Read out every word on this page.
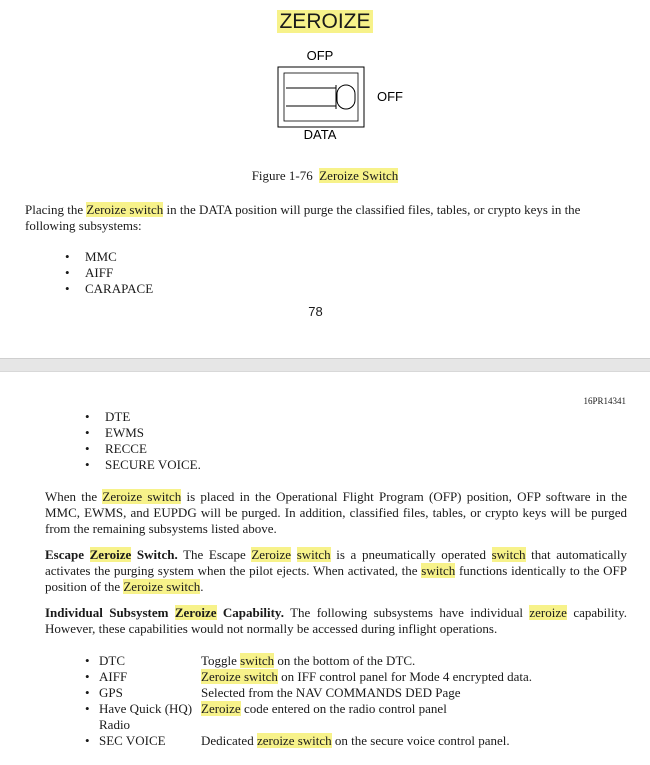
ZEROIZE
OFP
OFF
DATA
Figure 1-76 Zeroize Switch
Placing the Zeroize switch in the DATA position will purge the classified files, tables, or crypto keys in the following subsystems:
• MMC
• AIFF
• CARAPACE
78
16PR14341
• DTE
• EWMS
• RECCE
• SECURE VOICE.
When the Zeroize switch is placed in the Operational Flight Program (OFP) position, OFP software in the MMC, EWMS, and EUPDG will be purged. In addition, classified files, tables, or crypto keys will be purged from the remaining subsystems listed above.
Escape Zeroize Switch. The Escape Zeroize switch is a pneumatically operated switch that automatically activates the purging system when the pilot ejects. When activated, the switch functions identically to the OFP position of the Zeroize switch.
Individual Subsystem Zeroize Capability. The following subsystems have individual zeroize capability. However, these capabilities would not normally be accessed during inflight operations.
• DTC	Toggle switch on the bottom of the DTC.
• AIFF	Zeroize switch on IFF control panel for Mode 4 encrypted data.
• GPS	Selected from the NAV COMMANDS DED Page
• Have Quick (HQ) Radio	Zeroize code entered on the radio control panel
• SEC VOICE	Dedicated zeroize switch on the secure voice control panel.
